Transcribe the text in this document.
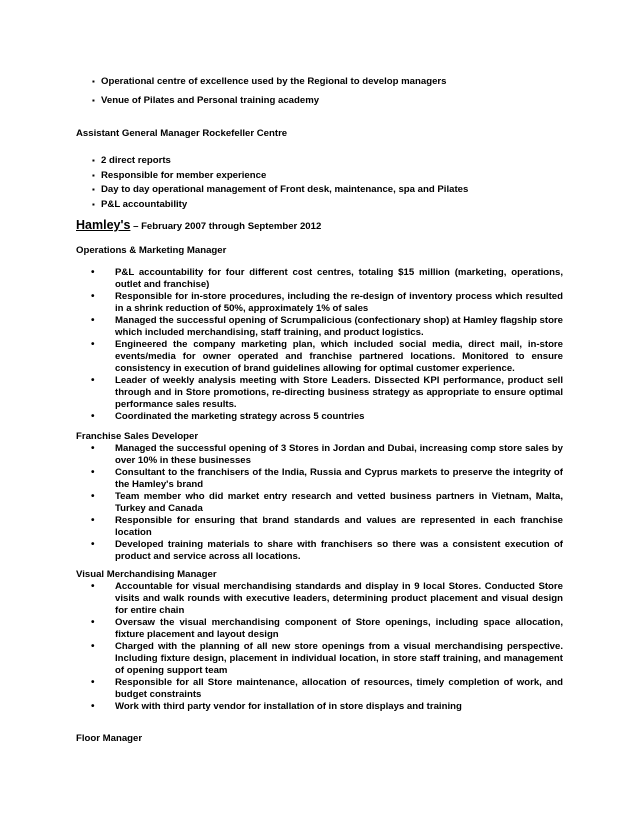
▪ Operational centre of excellence used by the Regional to develop managers
▪ Venue of Pilates and Personal training academy
Assistant General Manager Rockefeller Centre
▪ 2 direct reports
▪ Responsible for member experience
▪ Day to day operational management of Front desk, maintenance, spa and Pilates
▪ P&L accountability
Hamley's – February 2007 through September 2012
Operations & Marketing Manager
• P&L accountability for four different cost centres, totaling $15 million (marketing, operations, outlet and franchise)
• Responsible for in-store procedures, including the re-design of inventory process which resulted in a shrink reduction of 50%, approximately 1% of sales
• Managed the successful opening of Scrumpalicious (confectionary shop) at Hamley flagship store which included merchandising, staff training, and product logistics.
• Engineered the company marketing plan, which included social media, direct mail, in-store events/media for owner operated and franchise partnered locations. Monitored to ensure consistency in execution of brand guidelines allowing for optimal customer experience.
• Leader of weekly analysis meeting with Store Leaders. Dissected KPI performance, product sell through and in Store promotions, re-directing business strategy as appropriate to ensure optimal performance sales results.
• Coordinated the marketing strategy across 5 countries
Franchise Sales Developer
• Managed the successful opening of 3 Stores in Jordan and Dubai, increasing comp store sales by over 10% in these businesses
• Consultant to the franchisers of the India, Russia and Cyprus markets to preserve the integrity of the Hamley's brand
• Team member who did market entry research and vetted business partners in Vietnam, Malta, Turkey and Canada
• Responsible for ensuring that brand standards and values are represented in each franchise location
• Developed training materials to share with franchisers so there was a consistent execution of product and service across all locations.
Visual Merchandising Manager
• Accountable for visual merchandising standards and display in 9 local Stores. Conducted Store visits and walk rounds with executive leaders, determining product placement and visual design for entire chain
• Oversaw the visual merchandising component of Store openings, including space allocation, fixture placement and layout design
• Charged with the planning of all new store openings from a visual merchandising perspective. Including fixture design, placement in individual location, in store staff training, and management of opening support team
• Responsible for all Store maintenance, allocation of resources, timely completion of work, and budget constraints
• Work with third party vendor for installation of in store displays and training
Floor Manager
